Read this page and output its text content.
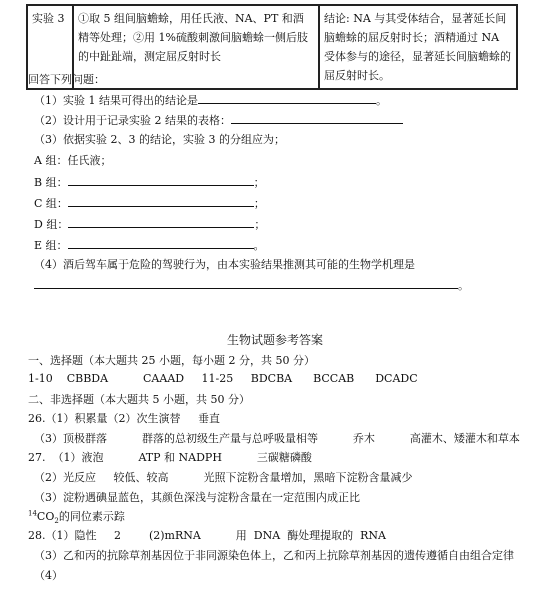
实验 3	①取 5 组间脑蟾蜍，用任氏液、NA、PT 和酒精等处理；②用 1%硫酸刺激间脑蟾蜍一侧后肢的中趾趾端，测定屈反射时长	结论: NA 与其受体结合，显著延长间脑蟾蜍的屈反射时长；酒精通过 NA 受体参与的途径，显著延长间脑蟾蜍的屈反射时长。
回答下列问题：
（1）实验 1 结果可得出的结论是	。
（2）设计用于记录实验 2 结果的表格：
（3）依据实验 2、3 的结论，实验 3 的分组应为；
A 组：任氏液；
B 组：	；
C 组：	；
D 组：	；
E 组：	。
（4）酒后驾车属于危险的驾驶行为，由本实验结果推测其可能的生物学机理是
。
生物试题参考答案
一、选择题（本大题共 25 小题，每小题 2 分，共 50 分）
1-10    CBBDA          CAAAD     11-25     BDCBA      BCCAB      DCADC
二、非选择题（本大题共 5 小题，共 50 分）
26.（1）积累量（2）次生演替     垂直
（3）顶极群落          群落的总初级生产量与总呼吸量相等          乔木          高灌木、矮灌木和草本
27.  （1）液泡          ATP 和 NADPH          三碳糖磷酸
（2）光反应     较低、较高          光照下淀粉含量增加，黑暗下淀粉含量减少
（3）淀粉遇碘显蓝色，其颜色深浅与淀粉含量在一定范围内成正比
$^{14}CO_2$的同位素示踪
28.（1）隐性     2        (2)mRNA          用  DNA  酶处理提取的  RNA
（3）乙和丙的抗除草剂基因位于非同源染色体上，乙和丙上抗除草剂基因的遗传遵循自由组合定律
（4）
